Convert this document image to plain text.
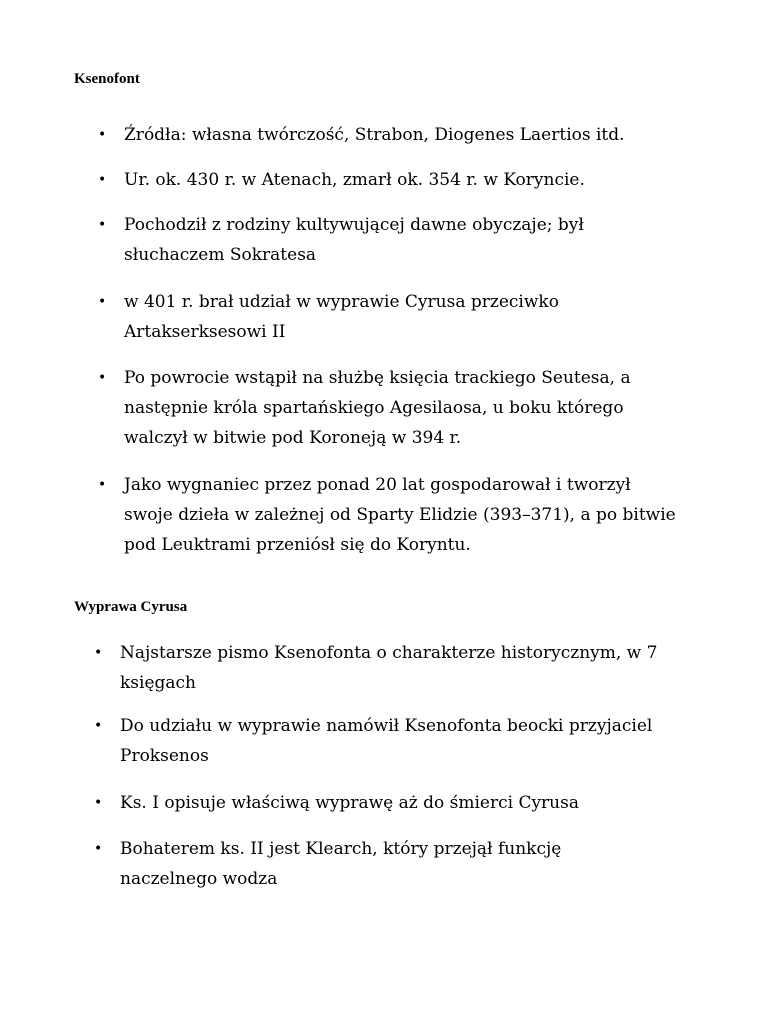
Ksenofont
•	Źródła: własna twórczość, Strabon, Diogenes Laertios itd.
•	Ur. ok. 430 r. w Atenach, zmarł ok. 354 r. w Koryncie.
•	Pochodził z rodziny kultywującej dawne obyczaje; był słuchaczem Sokratesa
•	w 401 r. brał udział w wyprawie Cyrusa przeciwko Artakserksesowi II
•	Po powrocie wstąpił na służbę księcia trackiego Seutesa, a następnie króla spartańskiego Agesilaosa, u boku którego walczył w bitwie pod Koroneją w 394 r.
•	Jako wygnaniec przez ponad 20 lat gospodarował i tworzył swoje dzieła w zależnej od Sparty Elidzie (393–371), a po bitwie pod Leuktrami przeniósł się do Koryntu.
Wyprawa Cyrusa
•	Najstarsze pismo Ksenofonta o charakterze historycznym, w 7 księgach
•	Do udziału w wyprawie namówił Ksenofonta beocki przyjaciel Proksenos
•	Ks. I opisuje właściwą wyprawę aż do śmierci Cyrusa
•	Bohaterem ks. II jest Klearch, który przejął funkcję naczelnego wodza
